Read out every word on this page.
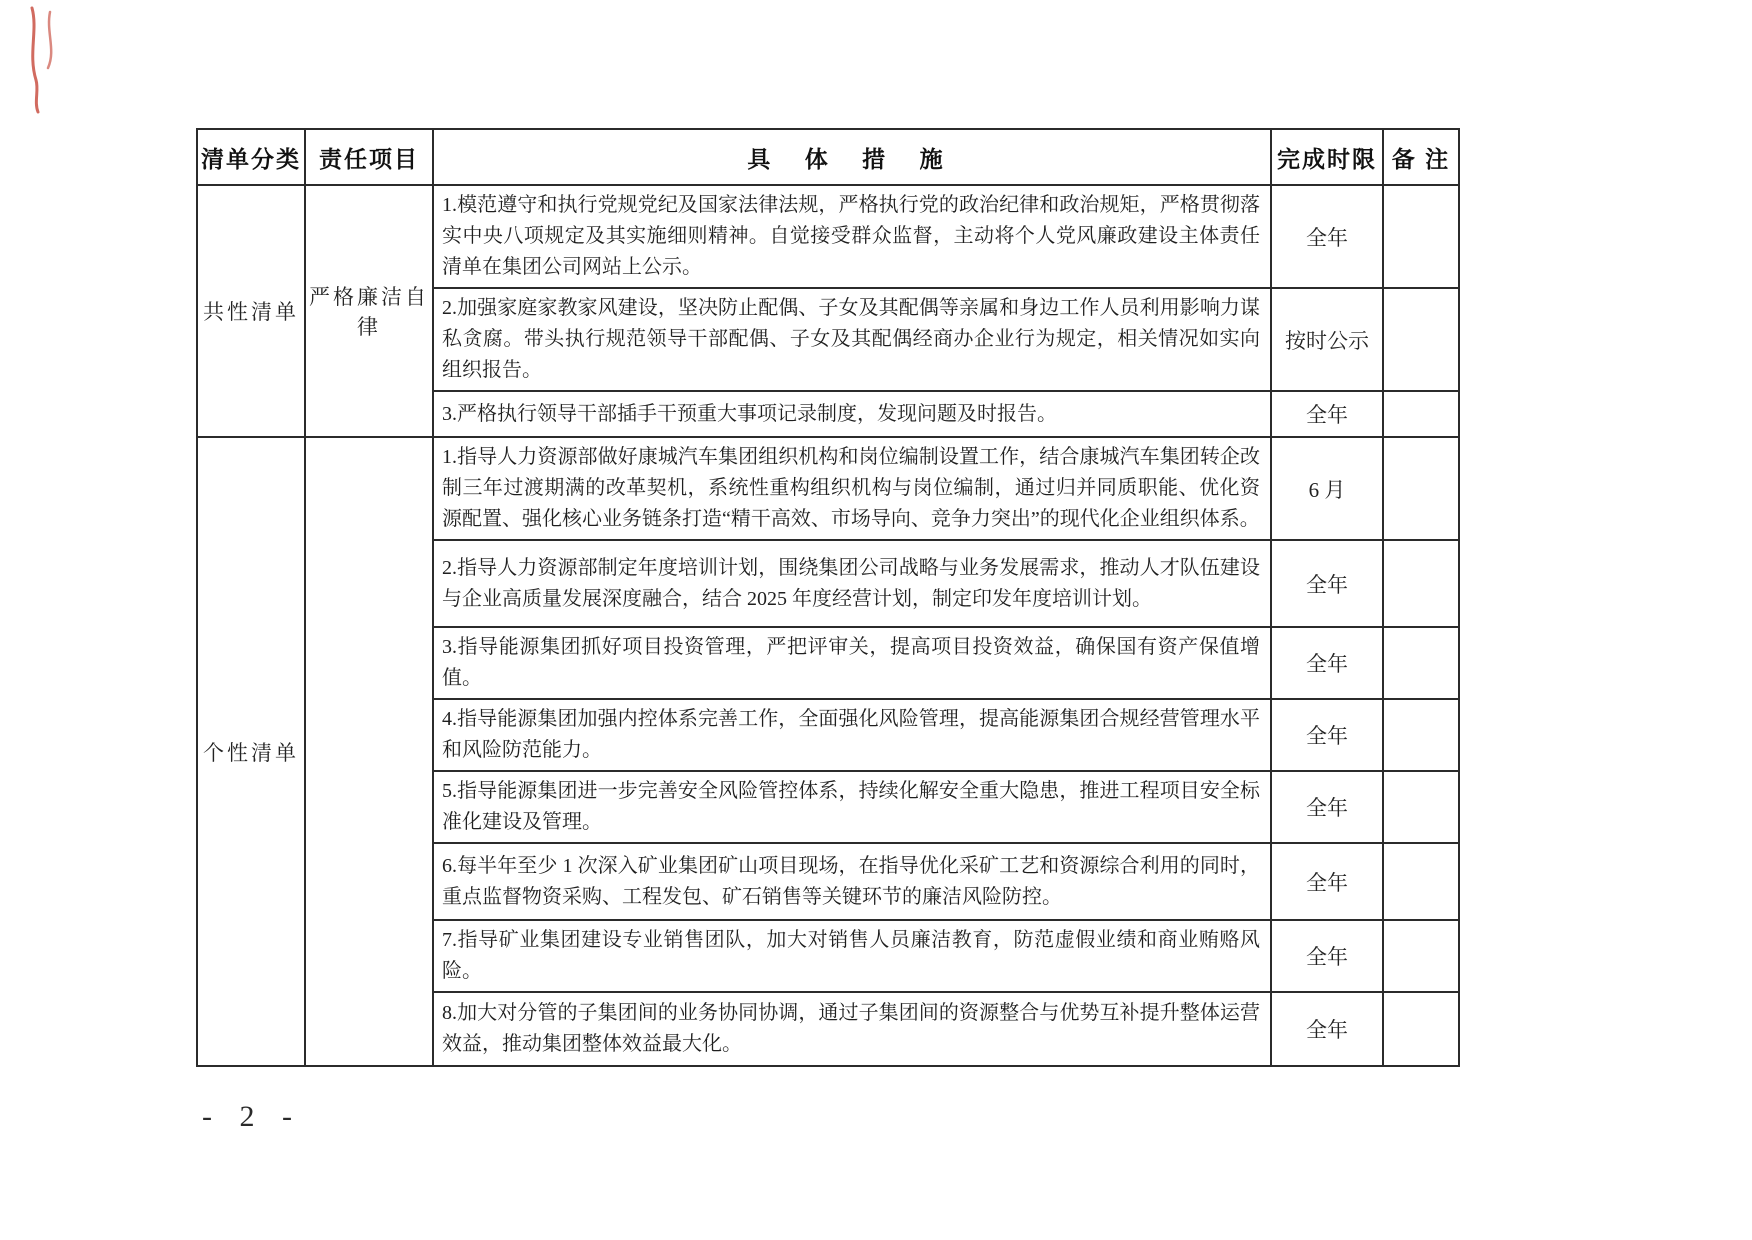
清单分类	责任项目	具 体 措 施	完成时限	备 注
共性清单	严格廉洁自律	1.模范遵守和执行党规党纪及国家法律法规，严格执行党的政治纪律和政治规矩，严格贯彻落实中央八项规定及其实施细则精神。自觉接受群众监督，主动将个人党风廉政建设主体责任清单在集团公司网站上公示。	全年	
		2.加强家庭家教家风建设，坚决防止配偶、子女及其配偶等亲属和身边工作人员利用影响力谋私贪腐。带头执行规范领导干部配偶、子女及其配偶经商办企业行为规定，相关情况如实向组织报告。	按时公示	
		3.严格执行领导干部插手干预重大事项记录制度，发现问题及时报告。	全年	
个性清单		1.指导人力资源部做好康城汽车集团组织机构和岗位编制设置工作，结合康城汽车集团转企改制三年过渡期满的改革契机，系统性重构组织机构与岗位编制，通过归并同质职能、优化资源配置、强化核心业务链条打造“精干高效、市场导向、竞争力突出”的现代化企业组织体系。	6 月	
		2.指导人力资源部制定年度培训计划，围绕集团公司战略与业务发展需求，推动人才队伍建设与企业高质量发展深度融合，结合 2025 年度经营计划，制定印发年度培训计划。	全年	
		3.指导能源集团抓好项目投资管理，严把评审关，提高项目投资效益，确保国有资产保值增值。	全年	
		4.指导能源集团加强内控体系完善工作，全面强化风险管理，提高能源集团合规经营管理水平和风险防范能力。	全年	
		5.指导能源集团进一步完善安全风险管控体系，持续化解安全重大隐患，推进工程项目安全标准化建设及管理。	全年	
		6.每半年至少 1 次深入矿业集团矿山项目现场，在指导优化采矿工艺和资源综合利用的同时，重点监督物资采购、工程发包、矿石销售等关键环节的廉洁风险防控。	全年	
		7.指导矿业集团建设专业销售团队，加大对销售人员廉洁教育，防范虚假业绩和商业贿赂风险。	全年	
		8.加大对分管的子集团间的业务协同协调，通过子集团间的资源整合与优势互补提升整体运营效益，推动集团整体效益最大化。	全年	
- 2 -
